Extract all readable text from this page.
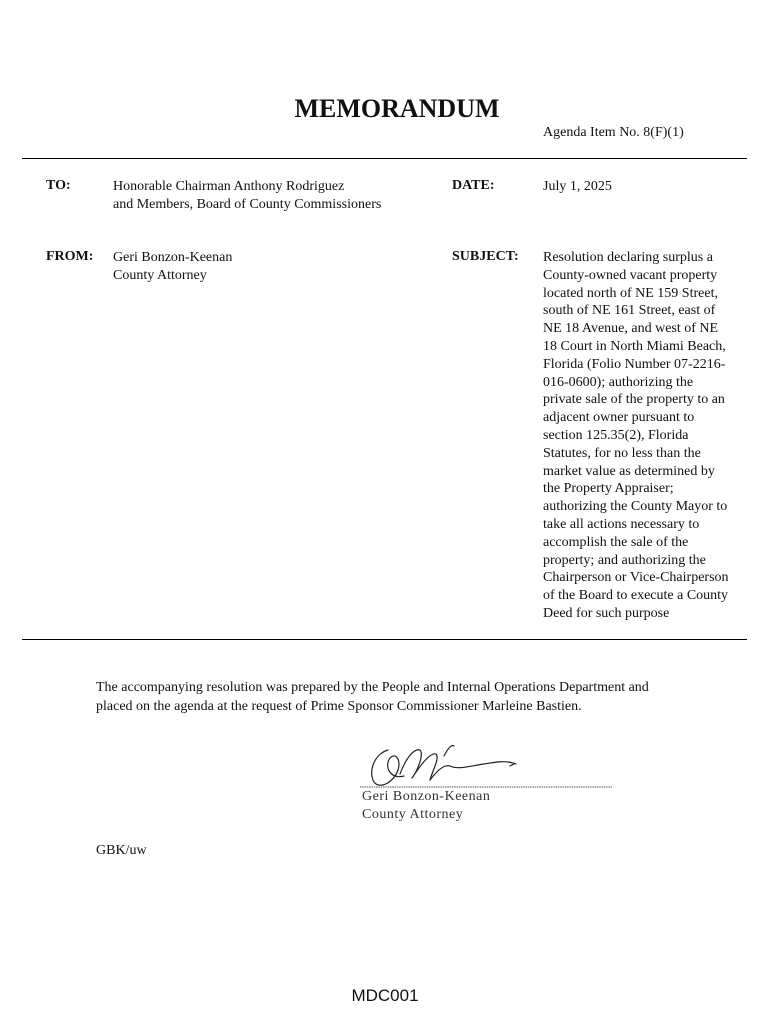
MEMORANDUM
Agenda Item No. 8(F)(1)
TO:	Honorable Chairman Anthony Rodriguez
and Members, Board of County Commissioners
DATE:	July 1, 2025
FROM: Geri Bonzon-Keenan
County Attorney
SUBJECT: Resolution declaring surplus a
County-owned vacant property
located north of NE 159 Street,
south of NE 161 Street, east of
NE 18 Avenue, and west of NE
18 Court in North Miami Beach,
Florida (Folio Number 07-2216-
016-0600); authorizing the
private sale of the property to an
adjacent owner pursuant to
section 125.35(2), Florida
Statutes, for no less than the
market value as determined by
the Property Appraiser;
authorizing the County Mayor to
take all actions necessary to
accomplish the sale of the
property; and authorizing the
Chairperson or Vice-Chairperson
of the Board to execute a County
Deed for such purpose
The accompanying resolution was prepared by the People and Internal Operations Department and
placed on the agenda at the request of Prime Sponsor Commissioner Marleine Bastien.
Geri Bonzon-Keenan
County Attorney
GBK/uw
MDC001
